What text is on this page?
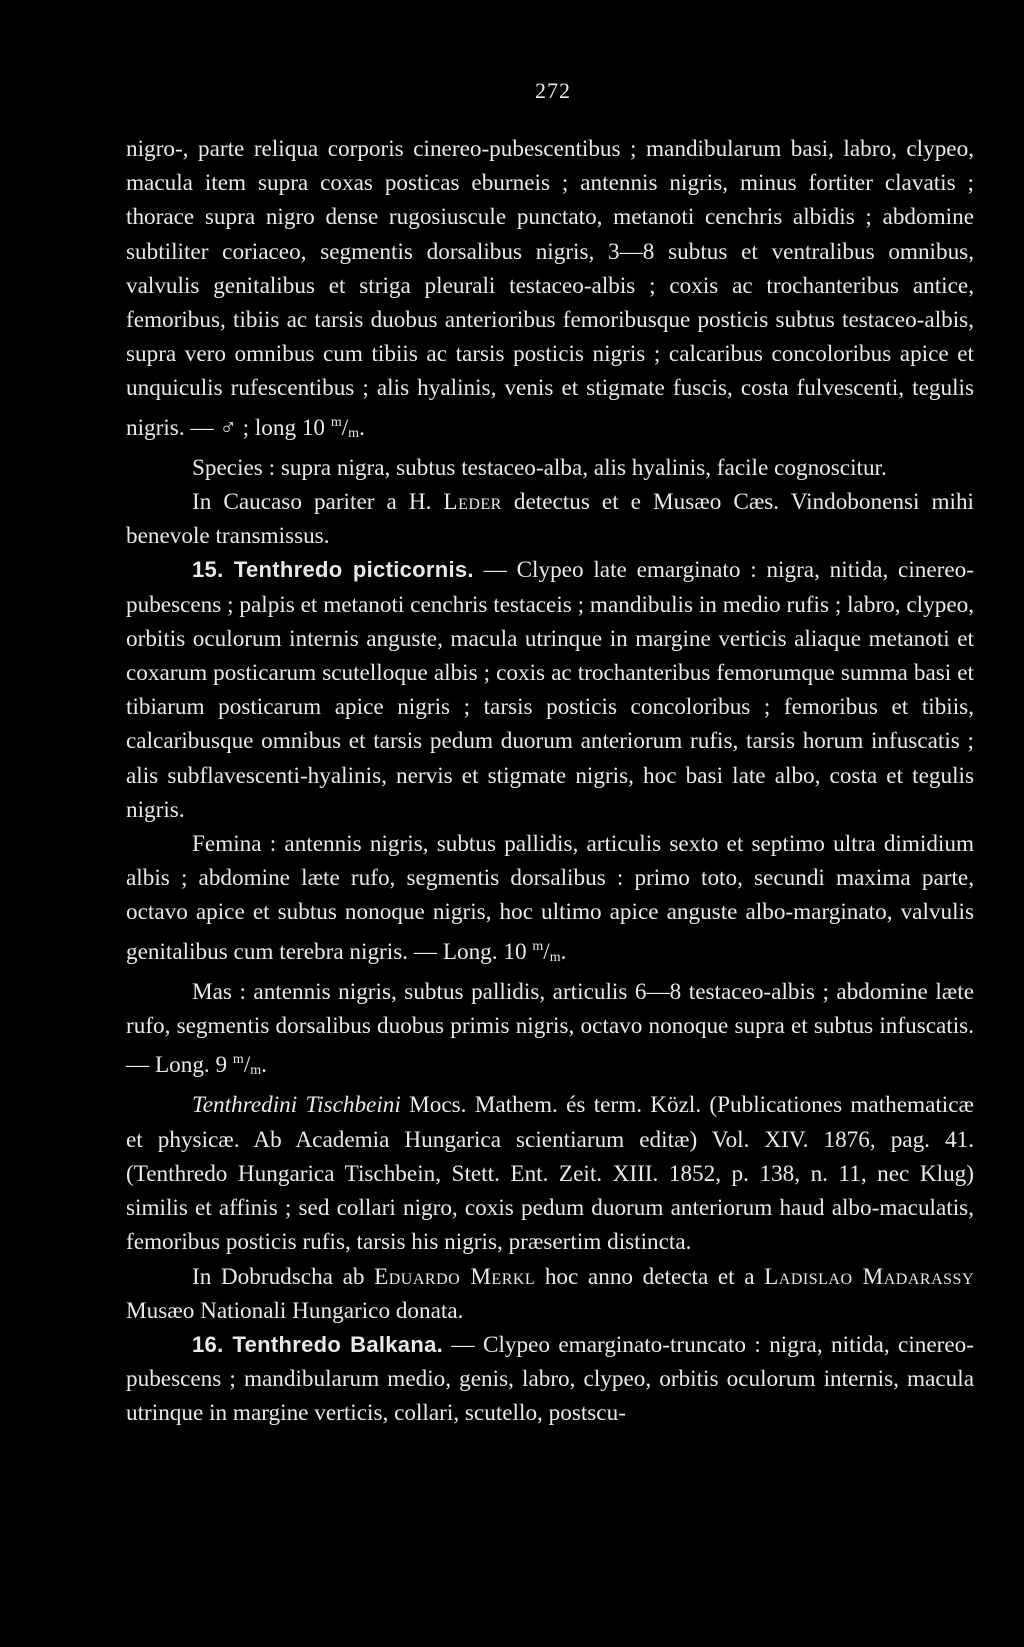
272

nigro-, parte reliqua corporis cinereo-pubescentibus ; mandibularum basi, labro, clypeo, macula item supra coxas posticas eburneis ; antennis nigris, minus fortiter clavatis ; thorace supra nigro dense rugosiuscule punctato, metanoti cenchris albidis ; abdomine subtiliter coriaceo, segmentis dorsalibus nigris, 3—8 subtus et ventralibus omnibus, valvulis genitalibus et striga pleurali testaceo-albis ; coxis ac trochanteribus antice, femoribus, tibiis ac tarsis duobus anterioribus femoribusque posticis subtus testaceo-albis, supra vero omnibus cum tibiis ac tarsis posticis nigris ; calcaribus concoloribus apice et unquiculis rufescentibus ; alis hyalinis, venis et stigmate fuscis, costa fulvescenti, tegulis nigris. — ♂ ; long 10 $^m/_m$.

Species : supra nigra, subtus testaceo-alba, alis hyalinis, facile cognoscitur.

In Caucaso pariter a H. Leder detectus et e Musæo Cæs. Vindobonensi mihi benevole transmissus.

15. Tenthredo picticornis. — Clypeo late emarginato : nigra, nitida, cinereo-pubescens ; palpis et metanoti cenchris testaceis ; mandibulis in medio rufis ; labro, clypeo, orbitis oculorum internis anguste, macula utrinque in margine verticis aliaque metanoti et coxarum posticarum scutelloque albis ; coxis ac trochanteribus femorumque summa basi et tibiarum posticarum apice nigris ; tarsis posticis concoloribus ; femoribus et tibiis, calcaribusque omnibus et tarsis pedum duorum anteriorum rufis, tarsis horum infuscatis ; alis subflavescenti-hyalinis, nervis et stigmate nigris, hoc basi late albo, costa et tegulis nigris.

Femina : antennis nigris, subtus pallidis, articulis sexto et septimo ultra dimidium albis ; abdomine læte rufo, segmentis dorsalibus : primo toto, secundi maxima parte, octavo apice et subtus nonoque nigris, hoc ultimo apice anguste albo-marginato, valvulis genitalibus cum terebra nigris. — Long. 10 $^m/_m$.

Mas : antennis nigris, subtus pallidis, articulis 6—8 testaceo-albis ; abdomine læte rufo, segmentis dorsalibus duobus primis nigris, octavo nonoque supra et subtus infuscatis. — Long. 9 $^m/_m$.

Tenthredini Tischbeini Mocs. Mathem. és term. Közl. (Publicationes mathematicæ et physicæ. Ab Academia Hungarica scientiarum editæ) Vol. XIV. 1876, pag. 41. (Tenthredo Hungarica Tischbein, Stett. Ent. Zeit. XIII. 1852, p. 138, n. 11, nec Klug) similis et affinis ; sed collari nigro, coxis pedum duorum anteriorum haud albo-maculatis, femoribus posticis rufis, tarsis his nigris, præsertim distincta.

In Dobrudscha ab Eduardo Merkl hoc anno detecta et a Ladislao Madarassy Musæo Nationali Hungarico donata.

16. Tenthredo Balkana. — Clypeo emarginato-truncato : nigra, nitida, cinereo-pubescens ; mandibularum medio, genis, labro, clypeo, orbitis oculorum internis, macula utrinque in margine verticis, collari, scutello, postscu-
